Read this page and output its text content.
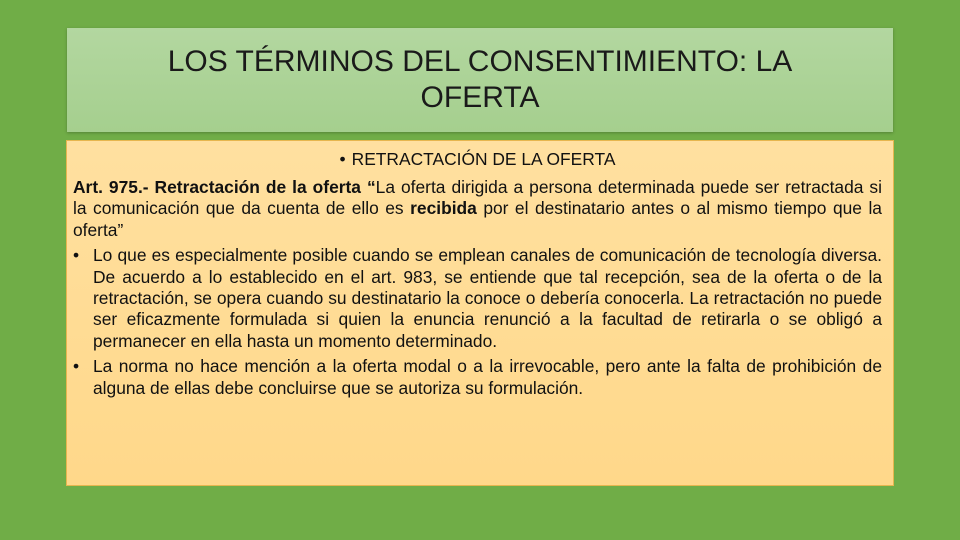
LOS TÉRMINOS DEL CONSENTIMIENTO: LA OFERTA

• RETRACTACIÓN DE LA OFERTA

Art. 975.- Retractación de la oferta “La oferta dirigida a persona determinada puede ser retractada si la comunicación que da cuenta de ello es recibida por el destinatario antes o al mismo tiempo que la oferta”

• Lo que es especialmente posible cuando se emplean canales de comunicación de tecnología diversa. De acuerdo a lo establecido en el art. 983, se entiende que tal recepción, sea de la oferta o de la retractación, se opera cuando su destinatario la conoce o debería conocerla. La retractación no puede ser eficazmente formulada si quien la enuncia renunció a la facultad de retirarla o se obligó a permanecer en ella hasta un momento determinado.
• La norma no hace mención a la oferta modal o a la irrevocable, pero ante la falta de prohibición de alguna de ellas debe concluirse que se autoriza su formulación.
